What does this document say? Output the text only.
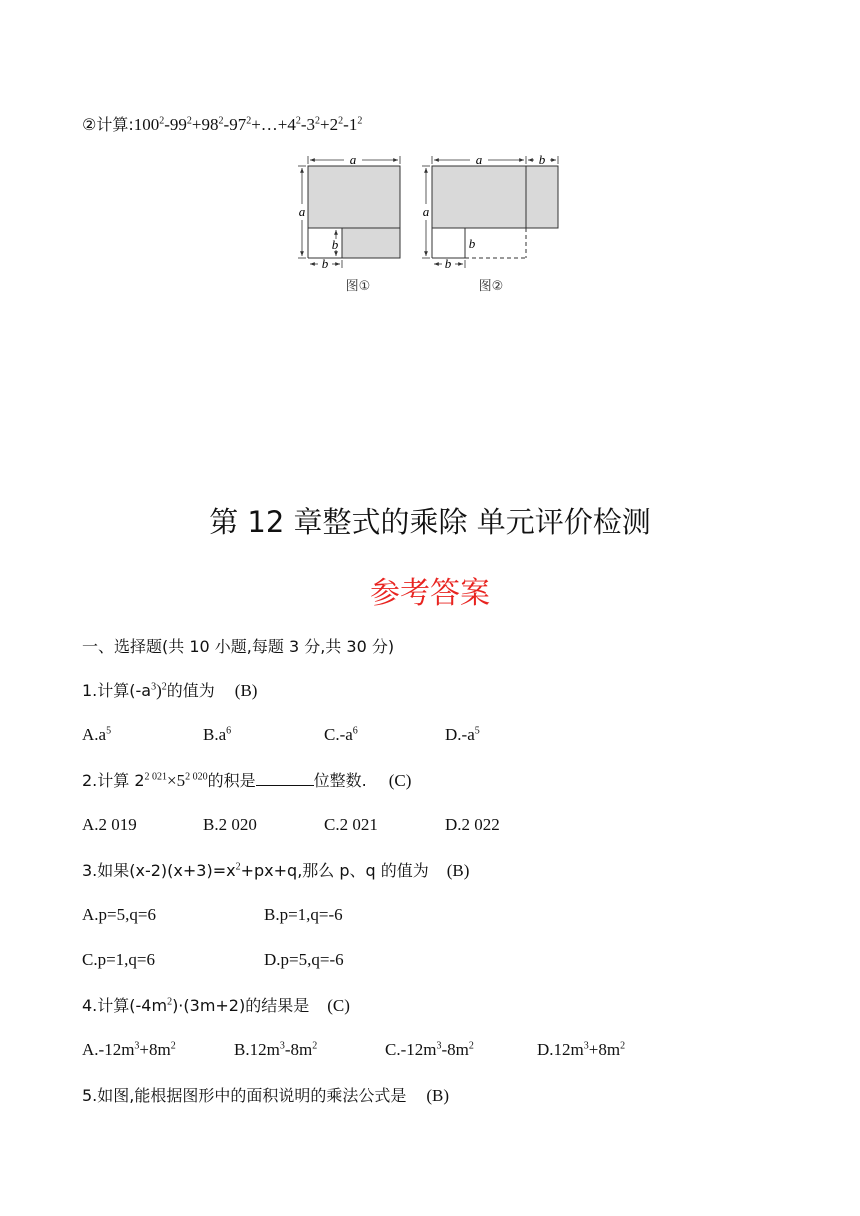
②计算$:100^2-99^2+98^2-97^2+\dots+4^2-3^2+2^2-1^2$
a
a
b
b
图①
a	b
a
b
b
图②
第 12 章整式的乘除 单元评价检测
参考答案
一、选择题(共 10 小题,每题 3 分,共 30 分)
1.计算$(-a^3)^2$的值为 (B)
$A.a^5$	$B.a^6$	$C.-a^6$	$D.-a^5$
2.计算 $2^{2 021}\times 5^{2 020}$的积是	位整数. (C)
A.2 019	B.2 020	C.2 021	D.2 022
3.如果$(x-2)(x+3)=x^2+px+q$,那么 p、q 的值为 (B)
A.p=5,q=6	B.p=1,q=-6
C.p=1,q=6	D.p=5,q=-6
4.计算$(-4m^2)\cdot(3m+2)$的结果是 (C)
$A.-12m^3+8m^2$	$B.12m^3-8m^2$	$C.-12m^3-8m^2$	$D.12m^3+8m^2$
5.如图,能根据图形中的面积说明的乘法公式是 (B)
